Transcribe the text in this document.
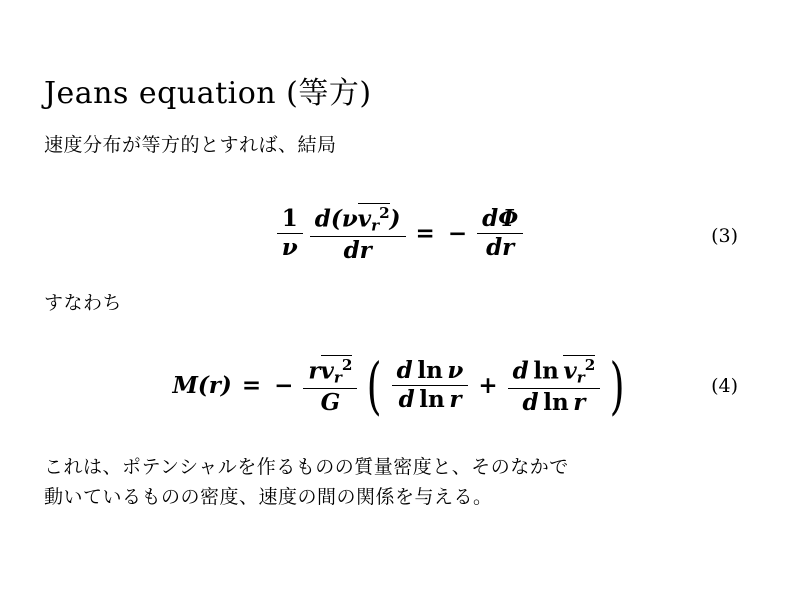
Jeans equation (等方)
速度分布が等方的とすれば、結局
$\frac{1}{\nu} \frac{d(\nu v_r^2)}{dr}$ = − $\frac{d\Phi}{dr}$	(3)
すなわち
M(r) = − $\frac{rv_r^2}{G}$ ( $\frac{\text{d  ln  ν}}{\text{d  ln  r}} + \frac{d \ln v_r^2}{\text{d  ln  r}}$ )	(4)
これは、ポテンシャルを作るものの質量密度と、そのなかで
動いているものの密度、速度の間の関係を与える。
